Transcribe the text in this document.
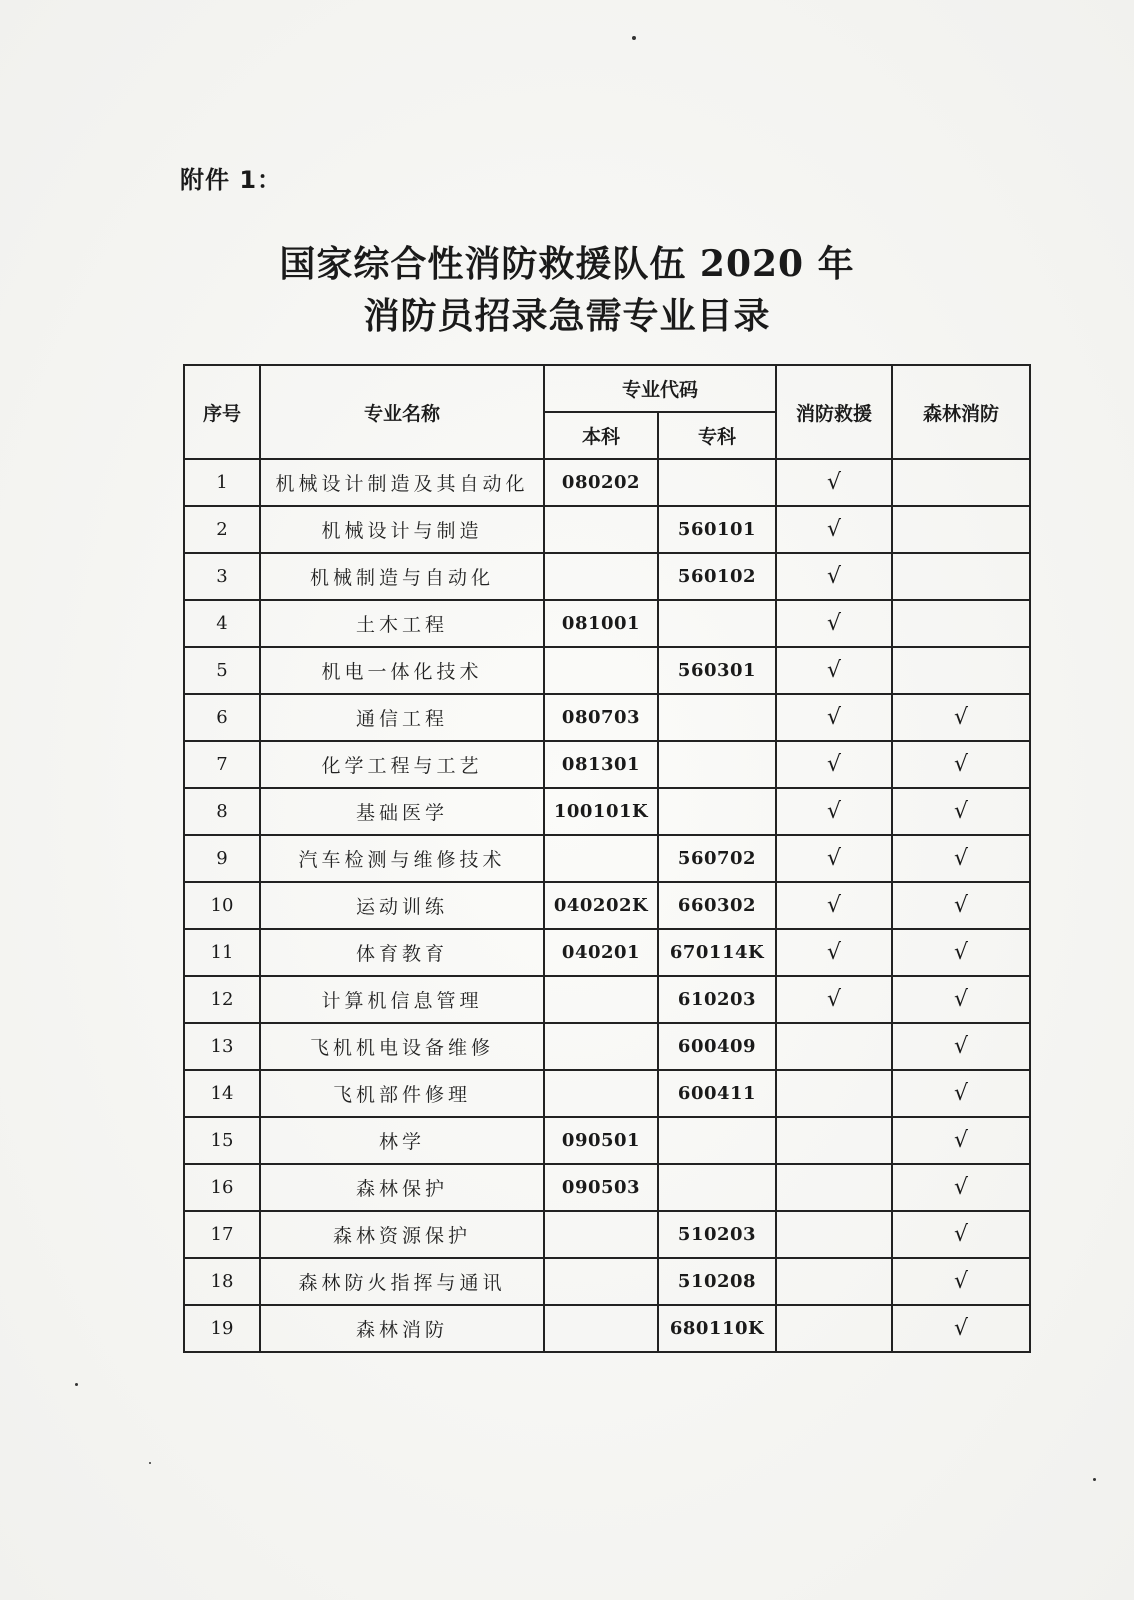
附件 1：
国家综合性消防救援队伍 2020 年
消防员招录急需专业目录
序号	专业名称	专业代码		消防救援	森林消防
		本科	专科		
1	机械设计制造及其自动化	080202		√	
2	机械设计与制造		560101	√	
3	机械制造与自动化		560102	√	
4	土木工程	081001		√	
5	机电一体化技术		560301	√	
6	通信工程	080703		√	√
7	化学工程与工艺	081301		√	√
8	基础医学	100101K		√	√
9	汽车检测与维修技术		560702	√	√
10	运动训练	040202K	660302	√	√
11	体育教育	040201	670114K	√	√
12	计算机信息管理		610203	√	√
13	飞机机电设备维修		600409		√
14	飞机部件修理		600411		√
15	林学	090501			√
16	森林保护	090503			√
17	森林资源保护		510203		√
18	森林防火指挥与通讯		510208		√
19	森林消防		680110K		√
